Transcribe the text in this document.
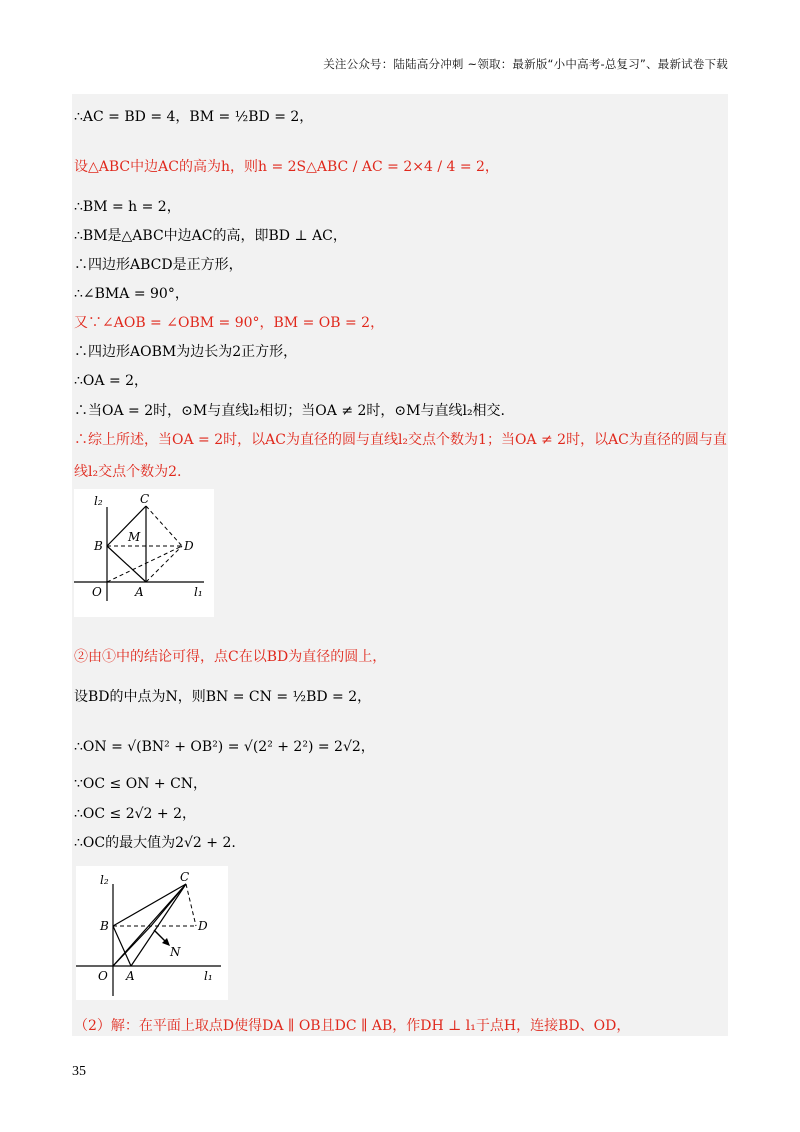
关注公众号：陆陆高分冲刺 ~领取：最新版“小中高考-总复习”、最新试卷下载
∴AC = BD = 4，BM = ½BD = 2，
设△ABC中边AC的高为h，则h = 2S△ABC / AC = 2×4 / 4 = 2，
∴BM = h = 2，
∴BM是△ABC中边AC的高，即BD ⊥ AC，
∴四边形ABCD是正方形，
∴∠BMA = 90°，
又∵∠AOB = ∠OBM = 90°，BM = OB = 2，
∴四边形AOBM为边长为2正方形，
∴OA = 2，
∴当OA = 2时，⊙M与直线l₂相切；当OA ≠ 2时，⊙M与直线l₂相交.
∴综上所述，当OA = 2时，以AC为直径的圆与直线l₂交点个数为1；当OA ≠ 2时，以AC为直径的圆与直
线l₂交点个数为2.
l₂	C
B
M
D
O	A	l₁
②由①中的结论可得，点C在以BD为直径的圆上，
设BD的中点为N，则BN = CN = ½BD = 2，
∴ON = √(BN² + OB²) = √(2² + 2²) = 2√2，
∵OC ≤ ON + CN，
∴OC ≤ 2√2 + 2，
∴OC的最大值为2√2 + 2.
l₂	C
B	D
N
O A	l₁
（2）解：在平面上取点D使得DA ∥ OB且DC ∥ AB，作DH ⊥ l₁于点H，连接BD、OD，
35
